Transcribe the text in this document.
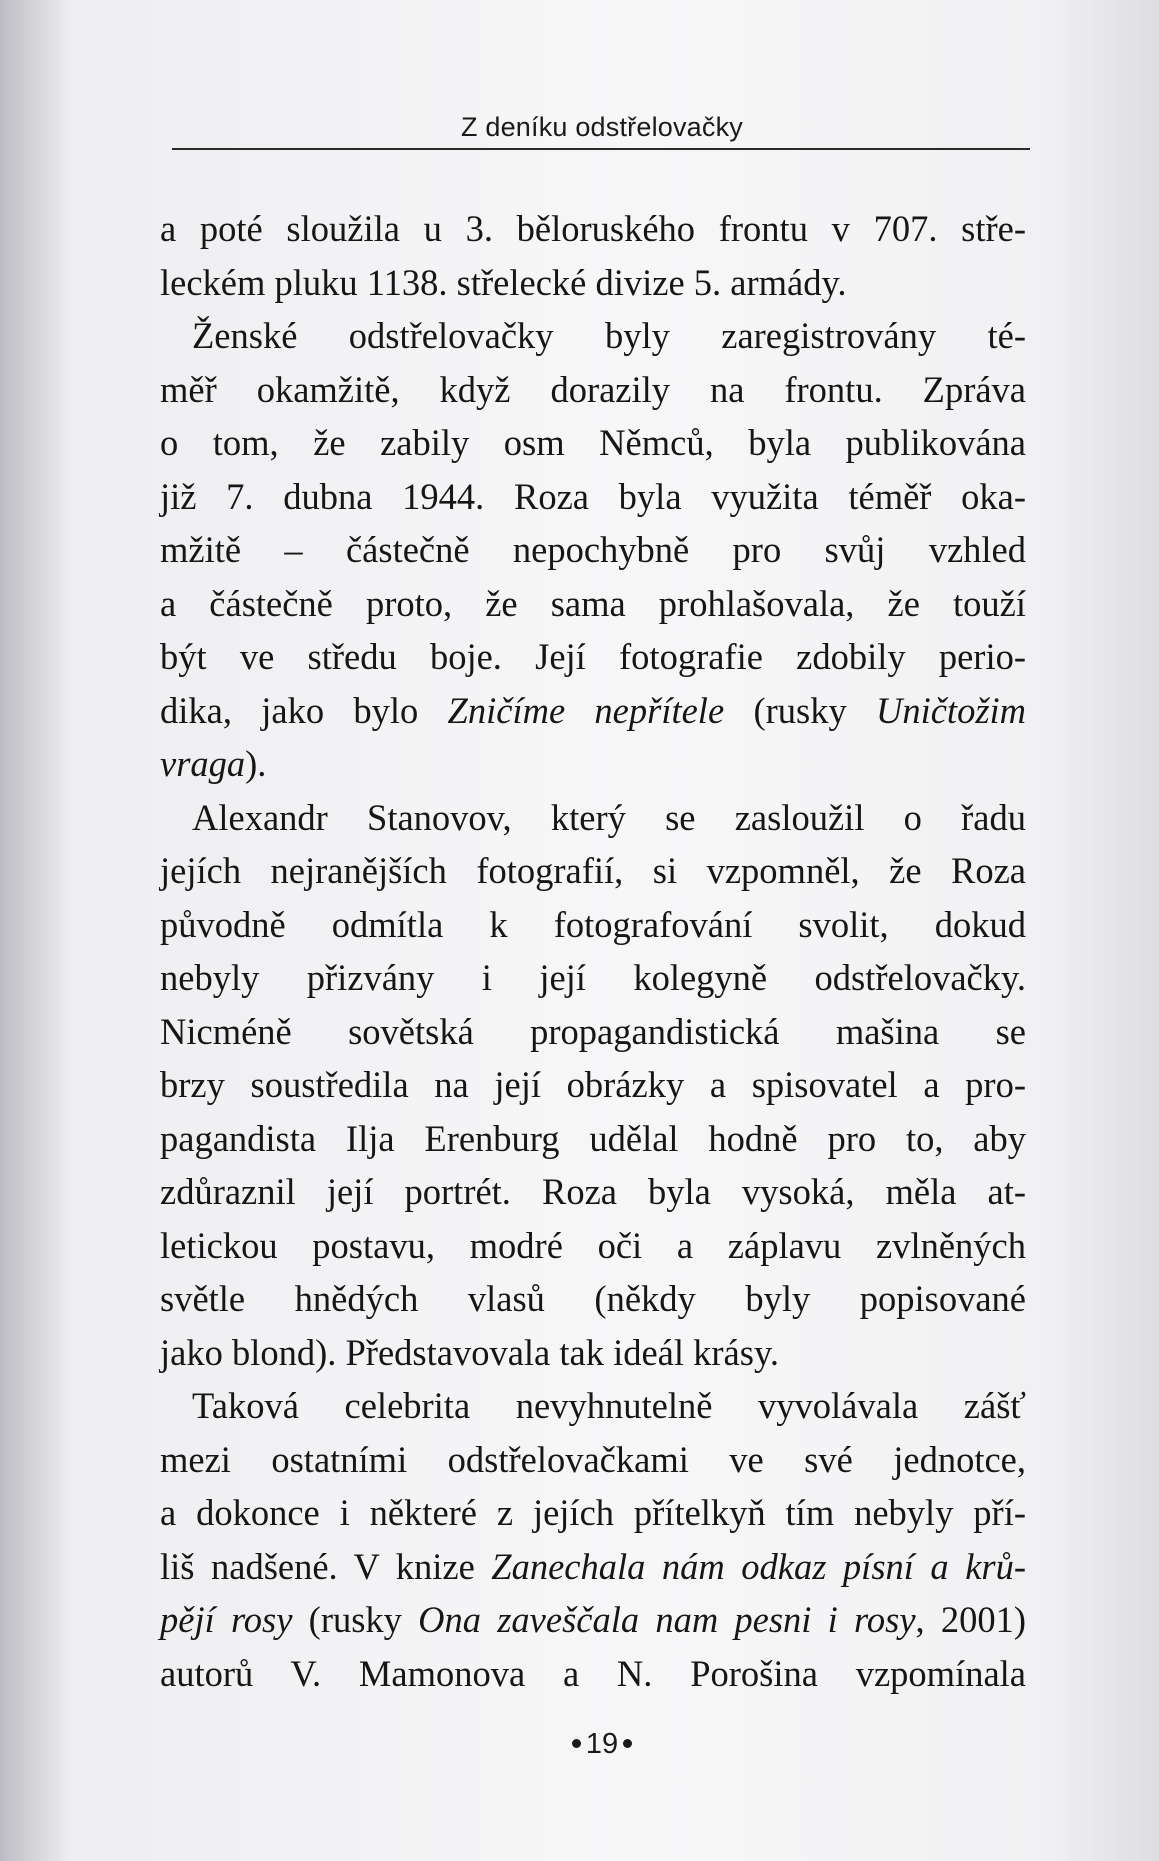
Z deníku odstřelovačky
a poté sloužila u 3. běloruského frontu v 707. stře-
leckém pluku 1138. střelecké divize 5. armády.
Ženské odstřelovačky byly zaregistrovány té-
měř okamžitě, když dorazily na frontu. Zpráva
o tom, že zabily osm Němců, byla publikována
již 7. dubna 1944. Roza byla využita téměř oka-
mžitě – částečně nepochybně pro svůj vzhled
a částečně proto, že sama prohlašovala, že touží
být ve středu boje. Její fotografie zdobily perio-
dika, jako bylo Zničíme nepřítele (rusky Uničtožim
vraga).
Alexandr Stanovov, který se zasloužil o řadu
jejích nejranějších fotografií, si vzpomněl, že Roza
původně odmítla k fotografování svolit, dokud
nebyly přizvány i její kolegyně odstřelovačky.
Nicméně sovětská propagandistická mašina se
brzy soustředila na její obrázky a spisovatel a pro-
pagandista Ilja Erenburg udělal hodně pro to, aby
zdůraznil její portrét. Roza byla vysoká, měla at-
letickou postavu, modré oči a záplavu zvlněných
světle hnědých vlasů (někdy byly popisované
jako blond). Představovala tak ideál krásy.
Taková celebrita nevyhnutelně vyvolávala zášť
mezi ostatními odstřelovačkami ve své jednotce,
a dokonce i některé z jejích přítelkyň tím nebyly pří-
liš nadšené. V knize Zanechala nám odkaz písní a krů-
pějí rosy (rusky Ona zaveščala nam pesni i rosy, 2001)
autorů V. Mamonova a N. Porošina vzpomínala
19
